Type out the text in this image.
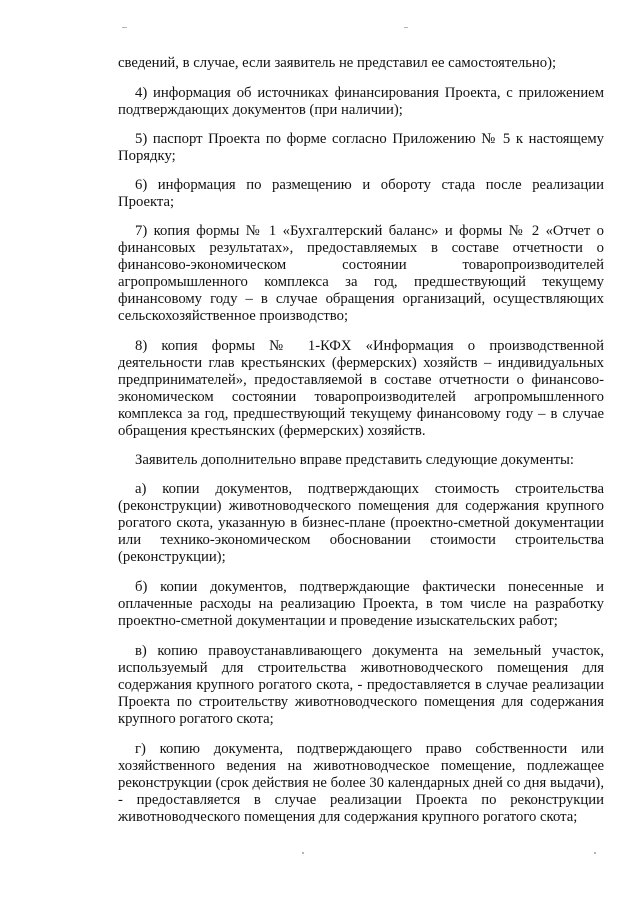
сведений, в случае, если заявитель не представил ее самостоятельно);
4) информация об источниках финансирования Проекта, с приложением
подтверждающих документов (при наличии);
5) паспорт Проекта по форме согласно Приложению № 5 к настоящему
Порядку;
6) информация по размещению и обороту стада после реализации
Проекта;
7) копия формы № 1 «Бухгалтерский баланс» и формы № 2 «Отчет о
финансовых результатах», предоставляемых в составе отчетности о
финансово-экономическом состоянии товаропроизводителей
агропромышленного комплекса за год, предшествующий текущему
финансовому году – в случае обращения организаций, осуществляющих
сельскохозяйственное производство;
8) копия формы № 1-КФХ «Информация о производственной
деятельности глав крестьянских (фермерских) хозяйств – индивидуальных
предпринимателей», предоставляемой в составе отчетности о финансово-
экономическом состоянии товаропроизводителей агропромышленного
комплекса за год, предшествующий текущему финансовому году – в случае
обращения крестьянских (фермерских) хозяйств.
Заявитель дополнительно вправе представить следующие документы:
а) копии документов, подтверждающих стоимость строительства
(реконструкции) животноводческого помещения для содержания крупного
рогатого скота, указанную в бизнес-плане (проектно-сметной документации
или технико-экономическом обосновании стоимости строительства
(реконструкции);
б) копии документов, подтверждающие фактически понесенные и
оплаченные расходы на реализацию Проекта, в том числе на разработку
проектно-сметной документации и проведение изыскательских работ;
в) копию правоустанавливающего документа на земельный участок,
используемый для строительства животноводческого помещения для
содержания крупного рогатого скота, - предоставляется в случае реализации
Проекта по строительству животноводческого помещения для содержания
крупного рогатого скота;
г) копию документа, подтверждающего право собственности или
хозяйственного ведения на животноводческое помещение, подлежащее
реконструкции (срок действия не более 30 календарных дней со дня выдачи),
- предоставляется в случае реализации Проекта по реконструкции
животноводческого помещения для содержания крупного рогатого скота;
